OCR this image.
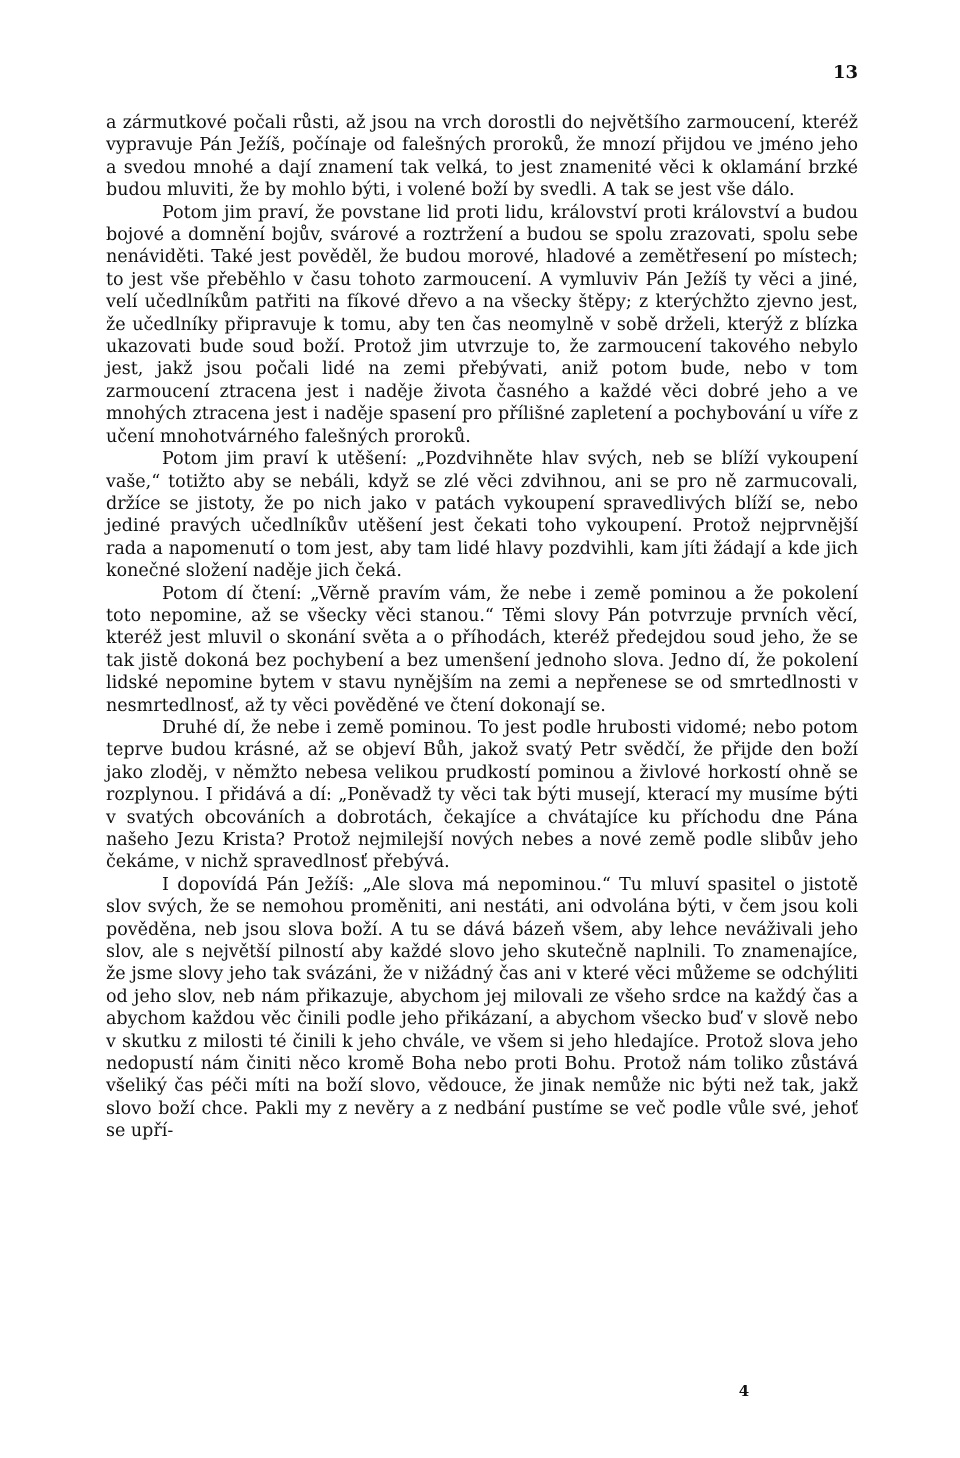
13

a zármutkové počali růsti, až jsou na vrch dorostli do největšího zarmoucení, kteréž vypravuje Pán Ježíš, počínaje od falešných proroků, že mnozí přijdou ve jméno jeho a svedou mnohé a dají znamení tak velká, to jest znamenité věci k oklamání brzké budou mluviti, že by mohlo býti, i volené boží by svedli. A tak se jest vše dálo.

Potom jim praví, že povstane lid proti lidu, království proti království a budou bojové a domnění bojův, svárové a roztržení a budou se spolu zrazovati, spolu sebe nenáviděti. Také jest pověděl, že budou morové, hladové a zemětřesení po místech; to jest vše přeběhlo v času tohoto zarmoucení. A vymluviv Pán Ježíš ty věci a jiné, velí učedlníkům patřiti na fíkové dřevo a na všecky štěpy; z kterýchžto zjevno jest, že učedlníky připravuje k tomu, aby ten čas neomylně v sobě drželi, kterýž z blízka ukazovati bude soud boží. Protož jim utvrzuje to, že zarmoucení takového nebylo jest, jakž jsou počali lidé na zemi přebývati, aniž potom bude, nebo v tom zarmoucení ztracena jest i naděje života časného a každé věci dobré jeho a ve mnohých ztracena jest i naděje spasení pro přílišné zapletení a pochybování u víře z učení mnohotvárného falešných proroků.

Potom jim praví k utěšení: „Pozdvihněte hlav svých, neb se blíží vykoupení vaše,“ totižto aby se nebáli, když se zlé věci zdvihnou, ani se pro ně zarmucovali, držíce se jistoty, že po nich jako v patách vykoupení spravedlivých blíží se, nebo jediné pravých učedlníkův utěšení jest čekati toho vykoupení. Protož nejprvnější rada a napomenutí o tom jest, aby tam lidé hlavy pozdvihli, kam jíti žádají a kde jich konečné složení naděje jich čeká.

Potom dí čtení: „Věrně pravím vám, že nebe i země pominou a že pokolení toto nepomine, až se všecky věci stanou.“ Těmi slovy Pán potvrzuje prvních věcí, kteréž jest mluvil o skonání světa a o příhodách, kteréž předejdou soud jeho, že se tak jistě dokoná bez pochybení a bez umenšení jednoho slova. Jedno dí, že pokolení lidské nepomine bytem v stavu nynějším na zemi a nepřenese se od smrtedlnosti v nesmrtedlnosť, až ty věci pověděné ve čtení dokonají se.

Druhé dí, že nebe i země pominou. To jest podle hrubosti vidomé; nebo potom teprve budou krásné, až se objeví Bůh, jakož svatý Petr svědčí, že přijde den boží jako zloděj, v němžto nebesa velikou prudkostí pominou a živlové horkostí ohně se rozplynou. I přidává a dí: „Poněvadž ty věci tak býti musejí, kterací my musíme býti v svatých obcováních a dobrotách, čekajíce a chvátajíce ku příchodu dne Pána našeho Jezu Krista? Protož nejmilejší nových nebes a nové země podle slibův jeho čekáme, v nichž spravedlnosť přebývá.

I dopovídá Pán Ježíš: „Ale slova má nepominou.“ Tu mluví spasitel o jistotě slov svých, že se nemohou proměniti, ani nestáti, ani odvolána býti, v čem jsou koli pověděna, neb jsou slova boží. A tu se dává bázeň všem, aby lehce neváživali jeho slov, ale s největší pilností aby každé slovo jeho skutečně naplnili. To znamenajíce, že jsme slovy jeho tak svázáni, že v nižádný čas ani v které věci můžeme se odchýliti od jeho slov, neb nám přikazuje, abychom jej milovali ze všeho srdce na každý čas a abychom každou věc činili podle jeho přikázaní, a abychom všecko buď v slově nebo v skutku z milosti té činili k jeho chvále, ve všem si jeho hledajíce. Protož slova jeho nedopustí nám činiti něco kromě Boha nebo proti Bohu. Protož nám toliko zůstává všeliký čas péči míti na boží slovo, vědouce, že jinak nemůže nic býti než tak, jakž slovo boží chce. Pakli my z nevěry a z nedbání pustíme se več podle vůle své, jehoť se upří-

4
